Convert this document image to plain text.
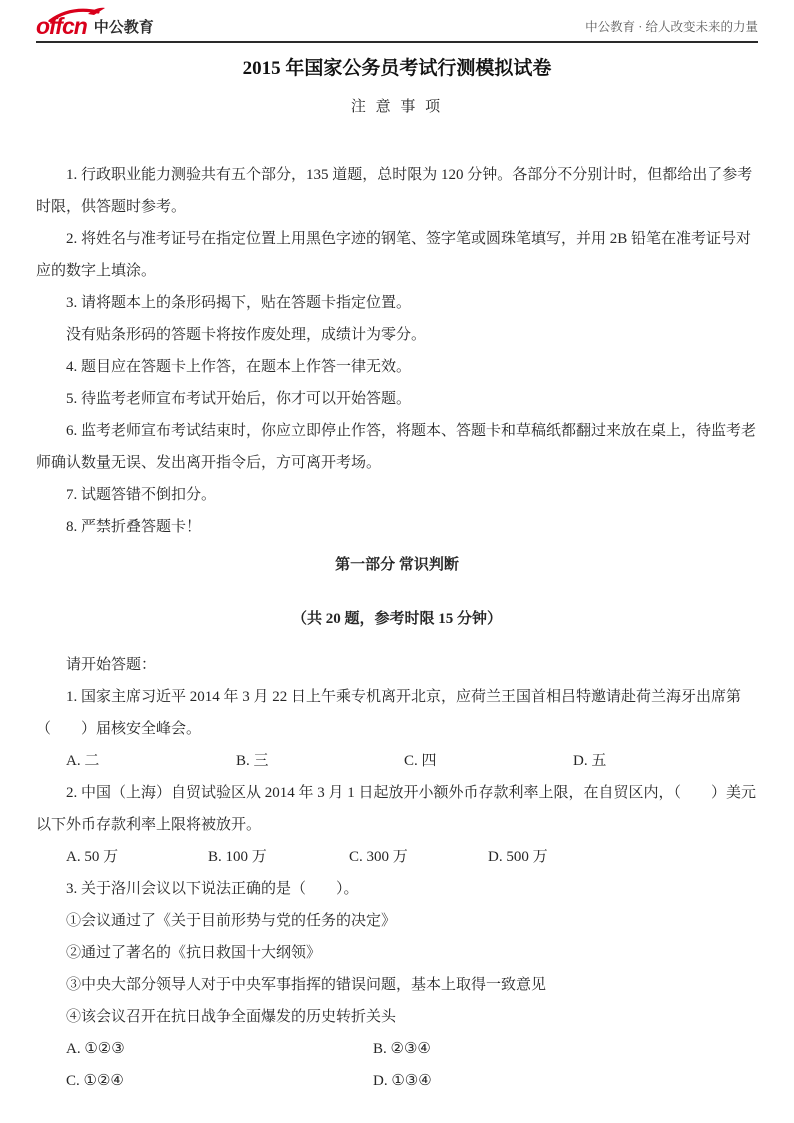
offcn 中公教育	中公教育 · 给人改变未来的力量
2015 年国家公务员考试行测模拟试卷
注 意 事 项

1. 行政职业能力测验共有五个部分，135 道题，总时限为 120 分钟。各部分不分别计时，但都给出了参考时限，供答题时参考。

2. 将姓名与准考证号在指定位置上用黑色字迹的钢笔、签字笔或圆珠笔填写，并用 2B 铅笔在准考证号对应的数字上填涂。

3. 请将题本上的条形码揭下，贴在答题卡指定位置。

没有贴条形码的答题卡将按作废处理，成绩计为零分。

4. 题目应在答题卡上作答，在题本上作答一律无效。

5. 待监考老师宣布考试开始后，你才可以开始答题。

6. 监考老师宣布考试结束时，你应立即停止作答，将题本、答题卡和草稿纸都翻过来放在桌上，待监考老师确认数量无误、发出离开指令后，方可离开考场。

7. 试题答错不倒扣分。

8. 严禁折叠答题卡！

第一部分 常识判断

（共 20 题，参考时限 15 分钟）

请开始答题：

1. 国家主席习近平 2014 年 3 月 22 日上午乘专机离开北京，应荷兰王国首相吕特邀请赴荷兰海牙出席第（　　）届核安全峰会。

A. 二	B. 三	C. 四	D. 五

2. 中国（上海）自贸试验区从 2014 年 3 月 1 日起放开小额外币存款利率上限，在自贸区内，（　　）美元以下外币存款利率上限将被放开。

A. 50 万	B. 100 万	C. 300 万	D. 500 万

3. 关于洛川会议以下说法正确的是（　　）。

①会议通过了《关于目前形势与党的任务的决定》

②通过了著名的《抗日救国十大纲领》

③中央大部分领导人对于中央军事指挥的错误问题，基本上取得一致意见

④该会议召开在抗日战争全面爆发的历史转折关头

A. ①②③	B. ②③④
C. ①②④	D. ①③④
